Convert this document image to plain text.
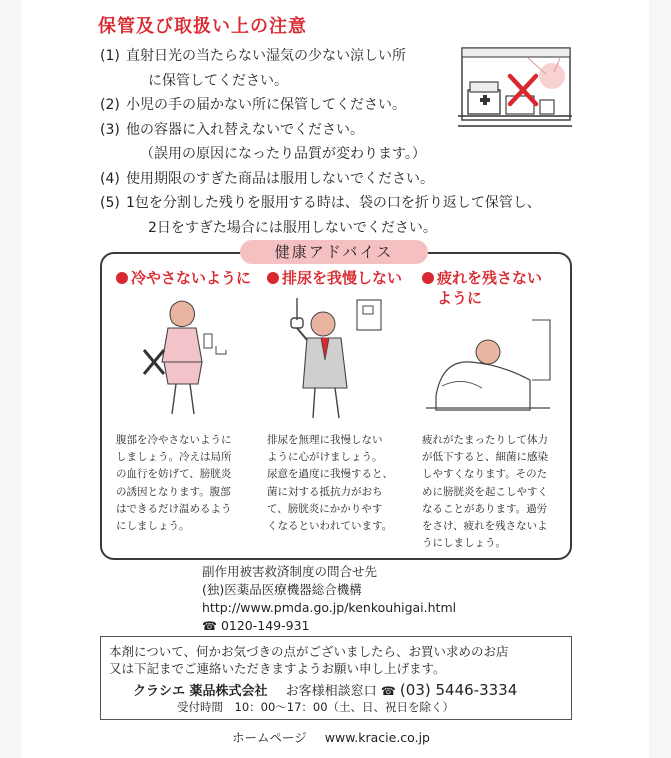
保管及び取扱い上の注意
(1) 直射日光の当たらない湿気の少ない涼しい所
に保管してください。
(2) 小児の手の届かない所に保管してください。
(3) 他の容器に入れ替えないでください。
（誤用の原因になったり品質が変わります。）
(4) 使用期限のすぎた商品は服用しないでください。
(5) 1包を分割した残りを服用する時は、袋の口を折り返して保管し、
2日をすぎた場合には服用しないでください。
健康アドバイス
冷やさないように
腹部を冷やさないように
しましょう。冷えは局所
の血行を妨げて、膀胱炎
の誘因となります。腹部
はできるだけ温めるよう
にしましょう。
排尿を我慢しない
排尿を無理に我慢しない
ように心がけましょう。
尿意を過度に我慢すると、
菌に対する抵抗力がおち
て、膀胱炎にかかりやす
くなるといわれています。
疲れを残さない
ように
疲れがたまったりして体力
が低下すると、細菌に感染
しやすくなります。そのた
めに膀胱炎を起こしやすく
なることがあります。過労
をさけ、疲れを残さないよ
うにしましょう。
副作用被害救済制度の問合せ先
(独)医薬品医療機器総合機構
http://www.pmda.go.jp/kenkouhigai.html
☎ 0120-149-931
本剤について、何かお気づきの点がございましたら、お買い求めのお店
又は下記までご連絡いただきますようお願い申し上げます。
クラシエ 薬品株式会社 お客様相談窓口 ☎ (03) 5446-3334
受付時間　10：00〜17：00（土、日、祝日を除く）
ホームページ www.kracie.co.jp
